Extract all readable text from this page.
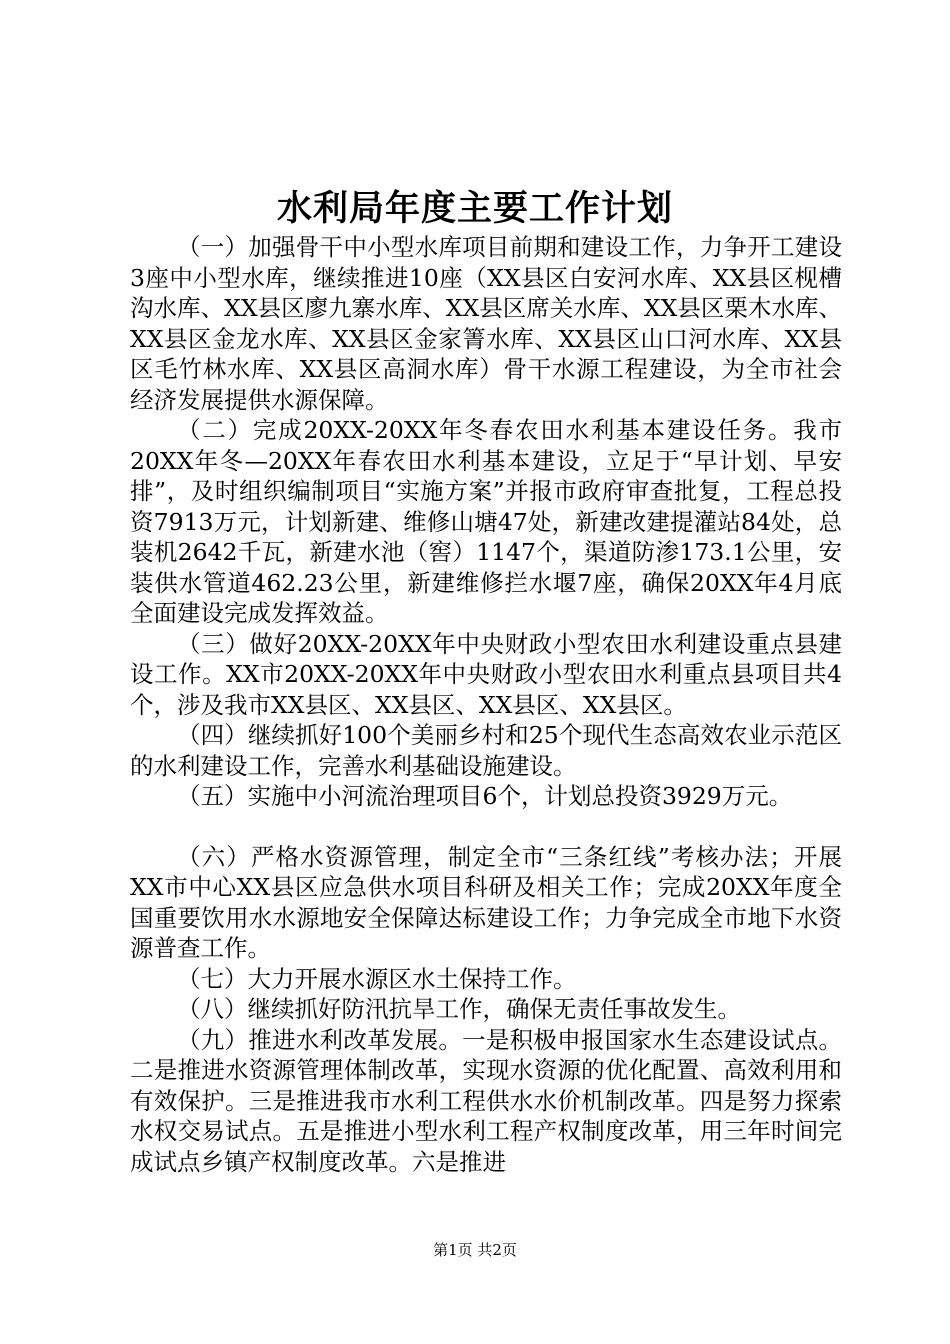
水利局年度主要工作计划

（一）加强骨干中小型水库项目前期和建设工作，力争开工建设3座中小型水库，继续推进10座（XX县区白安河水库、XX县区枧槽沟水库、XX县区廖九寨水库、XX县区席关水库、XX县区栗木水库、XX县区金龙水库、XX县区金家箐水库、XX县区山口河水库、XX县区毛竹林水库、XX县区高洞水库）骨干水源工程建设，为全市社会经济发展提供水源保障。

（二）完成20XX-20XX年冬春农田水利基本建设任务。我市20XX年冬—20XX年春农田水利基本建设，立足于“早计划、早安排”，及时组织编制项目“实施方案”并报市政府审查批复，工程总投资7913万元，计划新建、维修山塘47处，新建改建提灌站84处，总装机2642千瓦，新建水池（窖）1147个，渠道防渗173.1公里，安装供水管道462.23公里，新建维修拦水堰7座，确保20XX年4月底全面建设完成发挥效益。

（三）做好20XX-20XX年中央财政小型农田水利建设重点县建设工作。XX市20XX-20XX年中央财政小型农田水利重点县项目共4个，涉及我市XX县区、XX县区、XX县区、XX县区。

（四）继续抓好100个美丽乡村和25个现代生态高效农业示范区的水利建设工作，完善水利基础设施建设。

（五）实施中小河流治理项目6个，计划总投资3929万元。

（六）严格水资源管理，制定全市“三条红线”考核办法；开展XX市中心XX县区应急供水项目科研及相关工作；完成20XX年度全国重要饮用水水源地安全保障达标建设工作；力争完成全市地下水资源普查工作。

（七）大力开展水源区水土保持工作。

（八）继续抓好防汛抗旱工作，确保无责任事故发生。

（九）推进水利改革发展。一是积极申报国家水生态建设试点。二是推进水资源管理体制改革，实现水资源的优化配置、高效利用和有效保护。三是推进我市水利工程供水水价机制改革。四是努力探索水权交易试点。五是推进小型水利工程产权制度改革，用三年时间完成试点乡镇产权制度改革。六是推进

第1页 共2页
